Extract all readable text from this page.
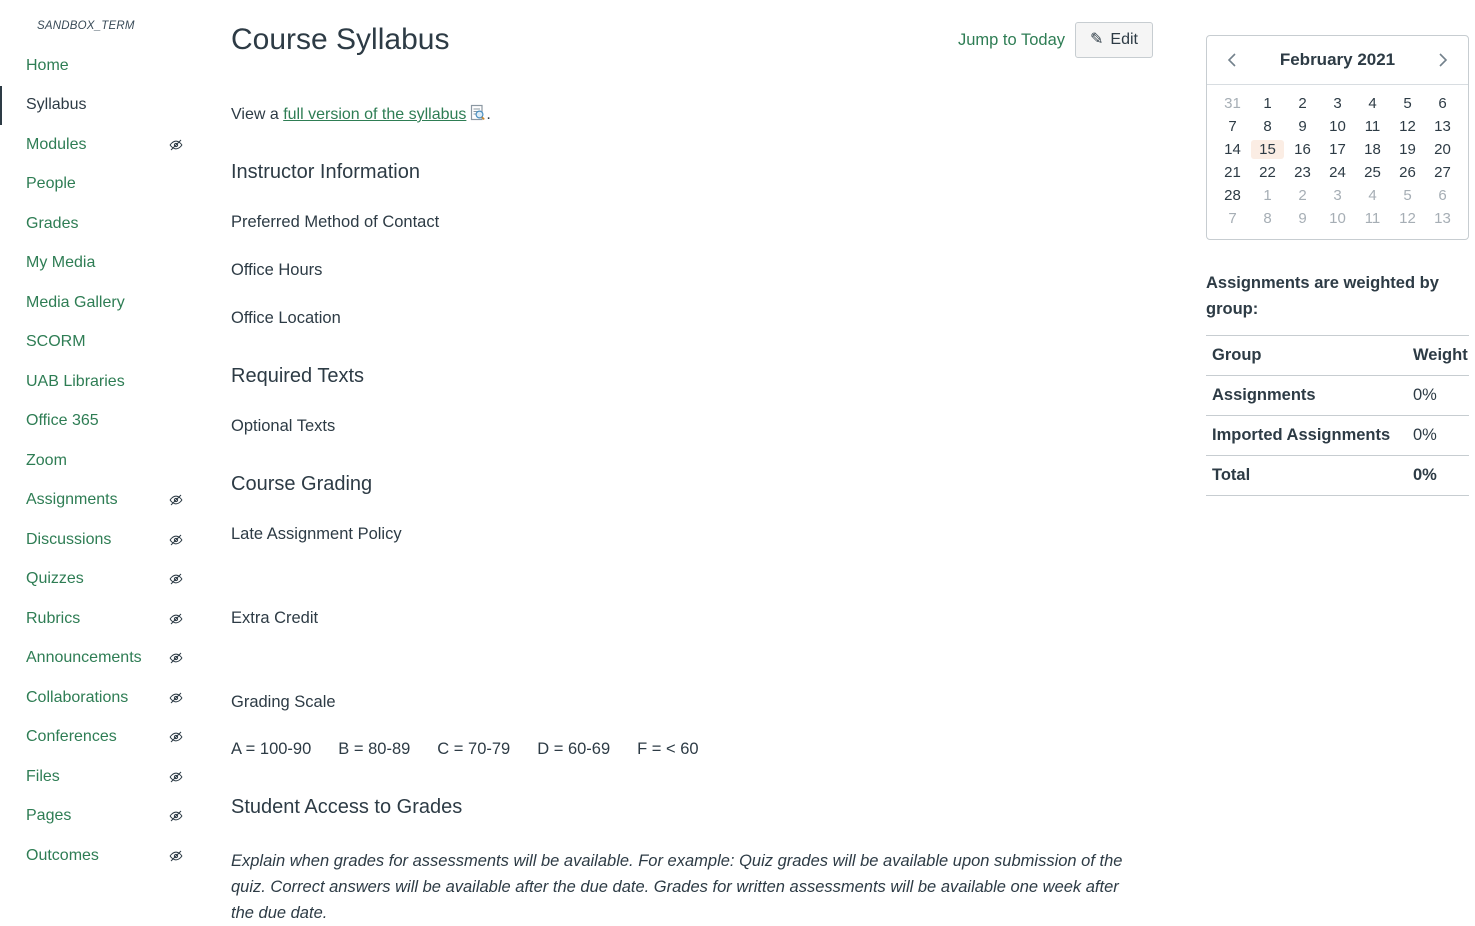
SANDBOX_TERM
Home
Syllabus
Modules
People
Grades
My Media
Media Gallery
SCORM
UAB Libraries
Office 365
Zoom
Assignments
Discussions
Quizzes
Rubrics
Announcements
Collaborations
Conferences
Files
Pages
Outcomes
Course Syllabus	Jump to Today ✎ Edit

View a full version of the syllabus .

Instructor Information

Preferred Method of Contact

Office Hours

Office Location

Required Texts

Optional Texts

Course Grading

Late Assignment Policy

Extra Credit

Grading Scale

A = 100-90 B = 80-89 C = 70-79 D = 60-69 F = < 60

Student Access to Grades

Explain when grades for assessments will be available. For example: Quiz grades will be available upon submission of the quiz. Correct answers will be available after the due date. Grades for written assessments will be available one week after the due date.

February 2021
31 1 2 3 4 5 6
7 8 9 10 11 12 13
14	15	16 17 18 19 20
21 22 23 24 25 26 27
28 1 2 3 4 5 6
7 8 9 10 11 12 13

Assignments are weighted by group:

Group	Weight
Assignments	0%
Imported Assignments	0%
Total	0%
